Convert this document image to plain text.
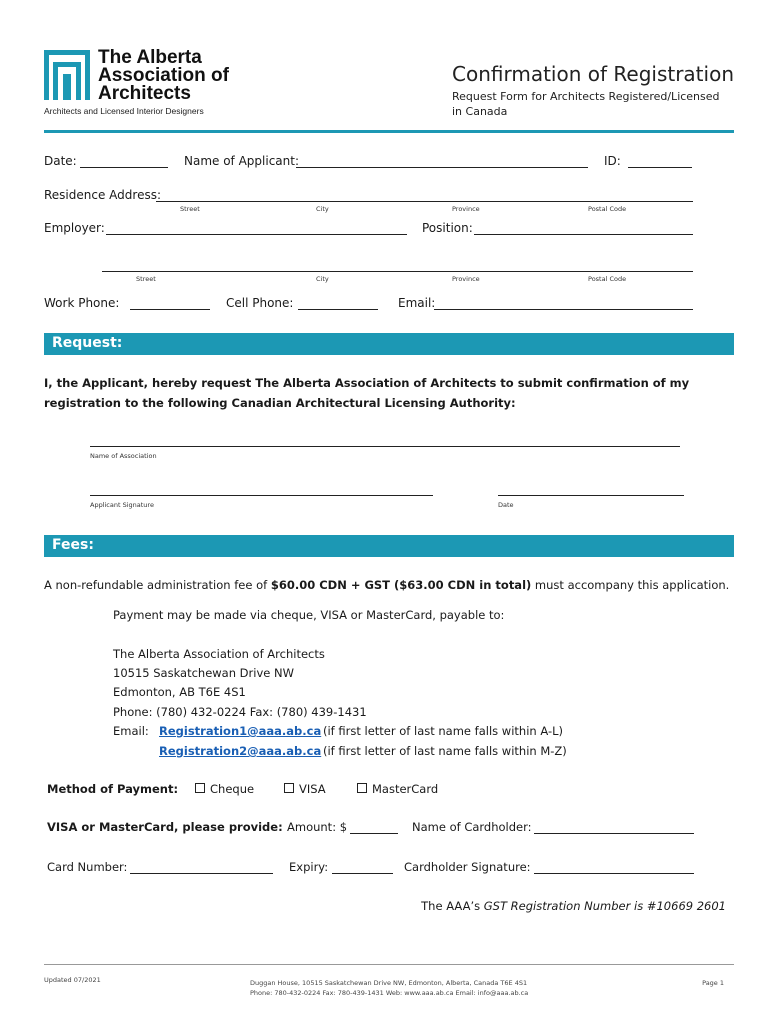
The Alberta
Association of
Architects
Architects and Licensed Interior Designers
Confirmation of Registration
Request Form for Architects Registered/Licensed
in Canada
Date:	Name of Applicant:	ID:
Residence Address:
Street	City	Province	Postal Code
Employer:	Position:
Street	City	Province	Postal Code
Work Phone:	Cell Phone:	Email:
Request:
I, the Applicant, hereby request The Alberta Association of Architects to submit confirmation of my
registration to the following Canadian Architectural Licensing Authority:
Name of Association
Applicant Signature	Date
Fees:
A non-refundable administration fee of $60.00 CDN + GST ($63.00 CDN in total) must accompany this application.
Payment may be made via cheque, VISA or MasterCard, payable to:
The Alberta Association of Architects
10515 Saskatchewan Drive NW
Edmonton, AB T6E 4S1
Phone: (780) 432-0224 Fax: (780) 439-1431
Email: Registration1@aaa.ab.ca (if first letter of last name falls within A-L)
Registration2@aaa.ab.ca (if first letter of last name falls within M-Z)
Method of Payment:	Cheque	VISA	MasterCard
VISA or MasterCard, please provide: Amount: $	Name of Cardholder:
Card Number:	Expiry:	Cardholder Signature:
The AAA’s GST Registration Number is #10669 2601
Updated 07/2021	Duggan House, 10515 Saskatchewan Drive NW, Edmonton, Alberta, Canada T6E 4S1
Phone: 780-432-0224 Fax: 780-439-1431 Web: www.aaa.ab.ca Email: info@aaa.ab.ca
Page 1
